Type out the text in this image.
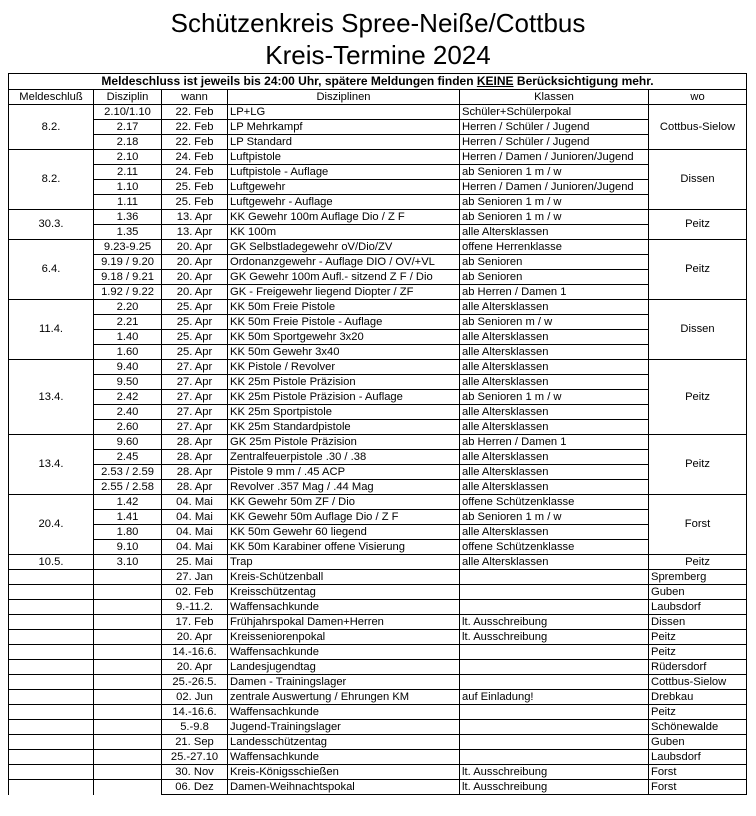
Schützenkreis Spree-Neiße/Cottbus
Kreis-Termine 2024
Meldeschluss ist jeweils bis 24:00 Uhr, spätere Meldungen finden KEINE Berücksichtigung mehr.					
Meldeschluß	Disziplin	wann	Disziplinen	Klassen	wo
8.2.	2.10/1.10	22. Feb	LP+LG	Schüler+Schülerpokal	Cottbus-Sielow
	2.17	22. Feb	LP Mehrkampf	Herren / Schüler / Jugend	
	2.18	22. Feb	LP Standard	Herren / Schüler / Jugend	
8.2.	2.10	24. Feb	Luftpistole	Herren / Damen / Junioren/Jugend	Dissen
	2.11	24. Feb	Luftpistole - Auflage	ab Senioren 1 m / w	
	1.10	25. Feb	Luftgewehr	Herren / Damen / Junioren/Jugend	
	1.11	25. Feb	Luftgewehr - Auflage	ab Senioren 1 m / w	
30.3.	1.36	13. Apr	KK Gewehr 100m Auflage Dio / Z F	ab Senioren 1 m / w	Peitz
	1.35	13. Apr	KK 100m	alle Altersklassen	
6.4.	9.23-9.25	20. Apr	GK Selbstladegewehr oV/Dio/ZV	offene Herrenklasse	Peitz
	9.19 / 9.20	20. Apr	Ordonanzgewehr - Auflage DIO / OV/+VL	ab Senioren	
	9.18 / 9.21	20. Apr	GK Gewehr 100m Aufl.- sitzend Z F / Dio	ab Senioren	
	1.92 / 9.22	20. Apr	GK - Freigewehr liegend Diopter / ZF	ab Herren / Damen 1	
11.4.	2.20	25. Apr	KK 50m Freie Pistole	alle Altersklassen	Dissen
	2.21	25. Apr	KK 50m Freie Pistole - Auflage	ab Senioren m / w	
	1.40	25. Apr	KK 50m Sportgewehr 3x20	alle Altersklassen	
	1.60	25. Apr	KK 50m Gewehr 3x40	alle Altersklassen	
13.4.	9.40	27. Apr	KK Pistole / Revolver	alle Altersklassen	Peitz
	9.50	27. Apr	KK 25m Pistole Präzision	alle Altersklassen	
	2.42	27. Apr	KK 25m Pistole Präzision - Auflage	ab Senioren 1 m / w	
	2.40	27. Apr	KK 25m Sportpistole	alle Altersklassen	
	2.60	27. Apr	KK 25m Standardpistole	alle Altersklassen	
13.4.	9.60	28. Apr	GK 25m Pistole Präzision	ab Herren / Damen 1	Peitz
	2.45	28. Apr	Zentralfeuerpistole .30 / .38	alle Altersklassen	
	2.53 / 2.59	28. Apr	Pistole 9 mm / .45 ACP	alle Altersklassen	
	2.55 / 2.58	28. Apr	Revolver .357 Mag / .44 Mag	alle Altersklassen	
20.4.	1.42	04. Mai	KK Gewehr 50m ZF / Dio	offene Schützenklasse	Forst
	1.41	04. Mai	KK Gewehr 50m Auflage Dio / Z F	ab Senioren 1 m / w	
	1.80	04. Mai	KK 50m Gewehr 60 liegend	alle Altersklassen	
	9.10	04. Mai	KK 50m Karabiner offene Visierung	offene Schützenklasse	
10.5.	3.10	25. Mai	Trap	alle Altersklassen	Peitz
		27. Jan	Kreis-Schützenball		Spremberg
		02. Feb	Kreisschützentag		Guben
		9.-11.2.	Waffensachkunde		Laubsdorf
		17. Feb	Frühjahrspokal Damen+Herren	lt. Ausschreibung	Dissen
		20. Apr	Kreisseniorenpokal	lt. Ausschreibung	Peitz
		14.-16.6.	Waffensachkunde		Peitz
		20. Apr	Landesjugendtag		Rüdersdorf
		25.-26.5.	Damen - Trainingslager		Cottbus-Sielow
		02. Jun	zentrale Auswertung / Ehrungen KM	auf Einladung!	Drebkau
		14.-16.6.	Waffensachkunde		Peitz
		5.-9.8	Jugend-Trainingslager		Schönewalde
		21. Sep	Landesschützentag		Guben
		25.-27.10	Waffensachkunde		Laubsdorf
		30. Nov	Kreis-Königsschießen	lt. Ausschreibung	Forst
		06. Dez	Damen-Weihnachtspokal	lt. Ausschreibung	Forst
